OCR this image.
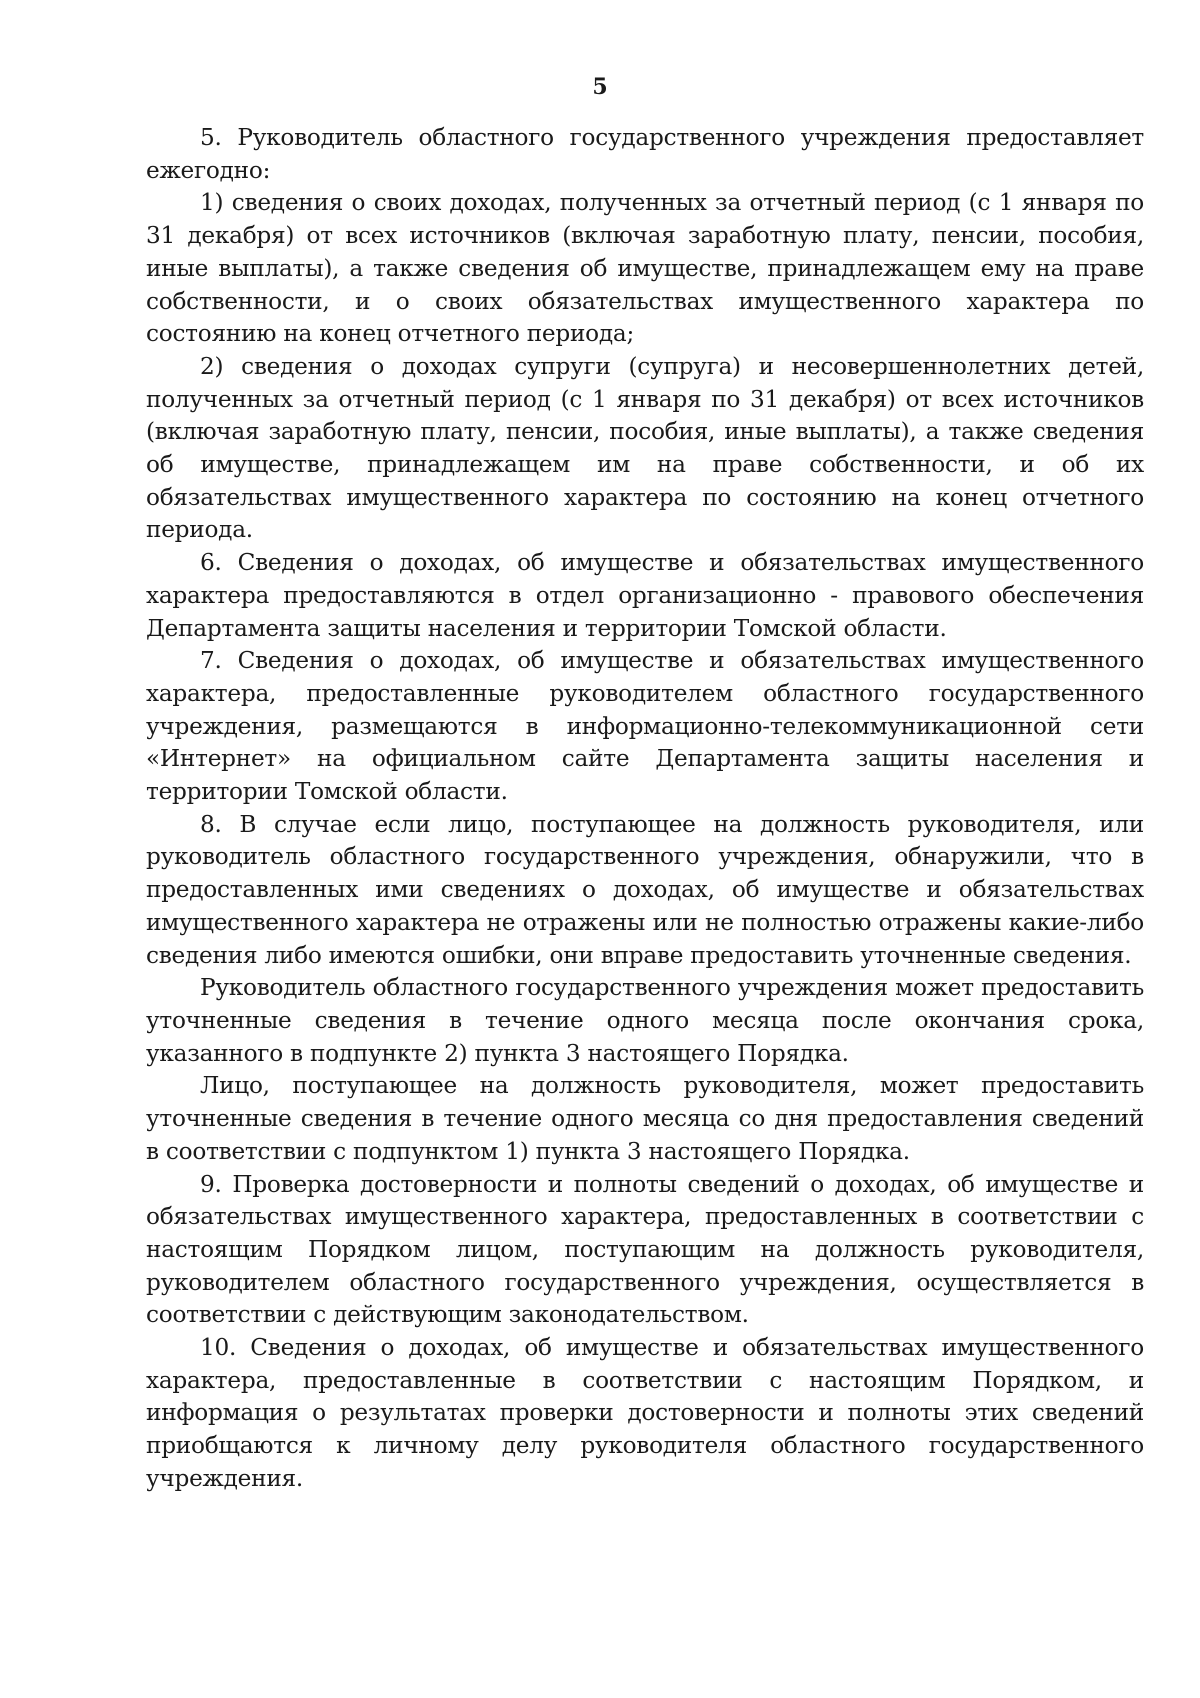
5

5. Руководитель областного государственного учреждения предоставляет ежегодно:

1) сведения о своих доходах, полученных за отчетный период (с 1 января по 31 декабря) от всех источников (включая заработную плату, пенсии, пособия, иные выплаты), а также сведения об имуществе, принадлежащем ему на праве собственности, и о своих обязательствах имущественного характера по состоянию на конец отчетного периода;

2) сведения о доходах супруги (супруга) и несовершеннолетних детей, полученных за отчетный период (с 1 января по 31 декабря) от всех источников (включая заработную плату, пенсии, пособия, иные выплаты), а также сведения об имуществе, принадлежащем им на праве собственности, и об их обязательствах имущественного характера по состоянию на конец отчетного периода.

6. Сведения о доходах, об имуществе и обязательствах имущественного характера предоставляются в отдел организационно - правового обеспечения Департамента защиты населения и территории Томской области.

7. Сведения о доходах, об имуществе и обязательствах имущественного характера, предоставленные руководителем областного государственного учреждения, размещаются в информационно-телекоммуникационной сети «Интернет» на официальном сайте Департамента защиты населения и территории Томской области.

8. В случае если лицо, поступающее на должность руководителя, или руководитель областного государственного учреждения, обнаружили, что в предоставленных ими сведениях о доходах, об имуществе и обязательствах имущественного характера не отражены или не полностью отражены какие-либо сведения либо имеются ошибки, они вправе предоставить уточненные сведения.

Руководитель областного государственного учреждения может предоставить уточненные сведения в течение одного месяца после окончания срока, указанного в подпункте 2) пункта 3 настоящего Порядка.

Лицо, поступающее на должность руководителя, может предоставить уточненные сведения в течение одного месяца со дня предоставления сведений в соответствии с подпунктом 1) пункта 3 настоящего Порядка.

9. Проверка достоверности и полноты сведений о доходах, об имуществе и обязательствах имущественного характера, предоставленных в соответствии с настоящим Порядком лицом, поступающим на должность руководителя, руководителем областного государственного учреждения, осуществляется в соответствии с действующим законодательством.

10. Сведения о доходах, об имуществе и обязательствах имущественного характера, предоставленные в соответствии с настоящим Порядком, и информация о результатах проверки достоверности и полноты этих сведений приобщаются к личному делу руководителя областного государственного учреждения.
